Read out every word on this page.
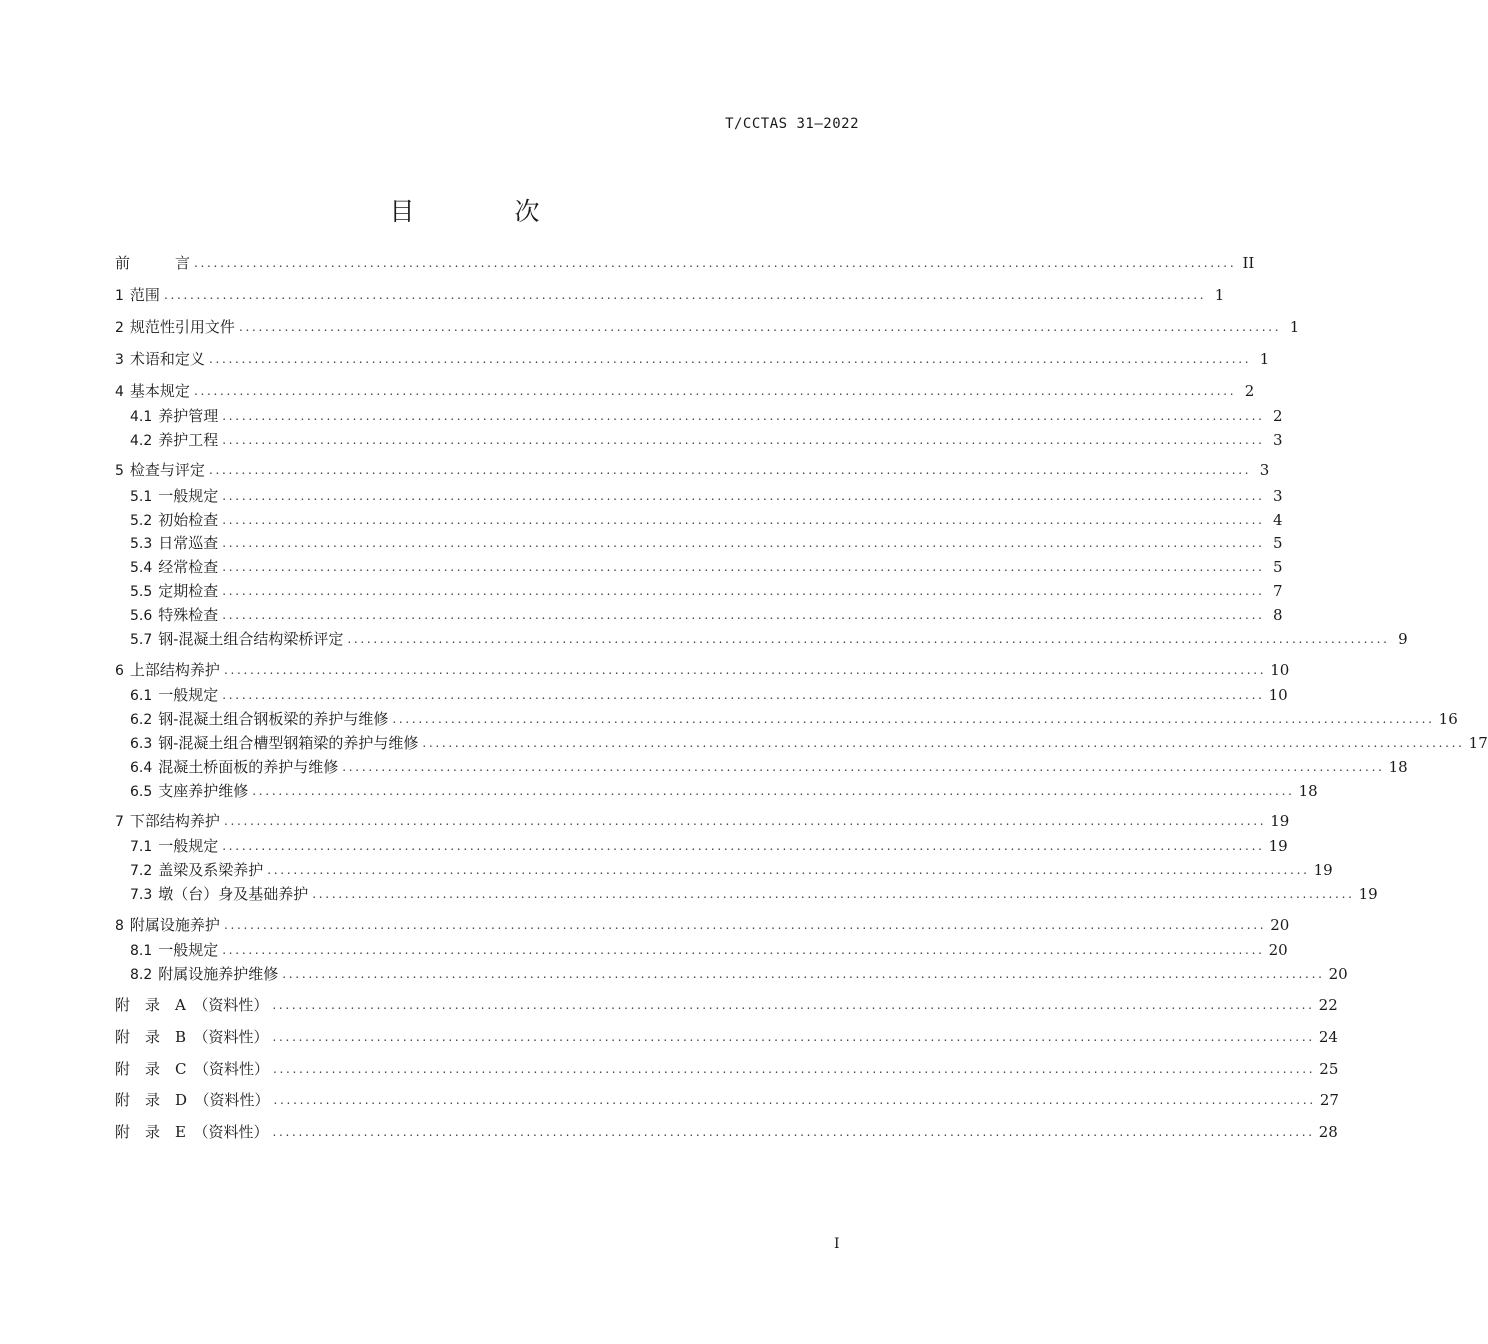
T/CCTAS 31—2022
目 次
前　　　言 ................................................................................................................................................................ II
1 范围 ................................................................................................................................................................ 1
2 规范性引用文件 ................................................................................................................................................................ 1
3 术语和定义 ................................................................................................................................................................ 1
4 基本规定 ................................................................................................................................................................ 2
4.1 养护管理 ................................................................................................................................................................ 2
4.2 养护工程 ................................................................................................................................................................ 3
5 检查与评定 ................................................................................................................................................................ 3
5.1 一般规定 ................................................................................................................................................................ 3
5.2 初始检查 ................................................................................................................................................................ 4
5.3 日常巡查 ................................................................................................................................................................ 5
5.4 经常检查 ................................................................................................................................................................ 5
5.5 定期检查 ................................................................................................................................................................ 7
5.6 特殊检查 ................................................................................................................................................................ 8
5.7 钢-混凝土组合结构梁桥评定 ................................................................................................................................................................ 9
6 上部结构养护 ................................................................................................................................................................ 10
6.1 一般规定 ................................................................................................................................................................ 10
6.2 钢-混凝土组合钢板梁的养护与维修 ................................................................................................................................................................ 16
6.3 钢-混凝土组合槽型钢箱梁的养护与维修 ................................................................................................................................................................ 17
6.4 混凝土桥面板的养护与维修 ................................................................................................................................................................ 18
6.5 支座养护维修 ................................................................................................................................................................ 18
7 下部结构养护 ................................................................................................................................................................ 19
7.1 一般规定 ................................................................................................................................................................ 19
7.2 盖梁及系梁养护 ................................................................................................................................................................ 19
7.3 墩（台）身及基础养护 ................................................................................................................................................................ 19
8 附属设施养护 ................................................................................................................................................................ 20
8.1 一般规定 ................................................................................................................................................................ 20
8.2 附属设施养护维修 ................................................................................................................................................................ 20
附　录　A　（资料性） ................................................................................................................................................................ 22
附　录　B　（资料性） ................................................................................................................................................................ 24
附　录　C　（资料性） ................................................................................................................................................................ 25
附　录　D　（资料性） ................................................................................................................................................................ 27
附　录　E　（资料性） ................................................................................................................................................................ 28
I
